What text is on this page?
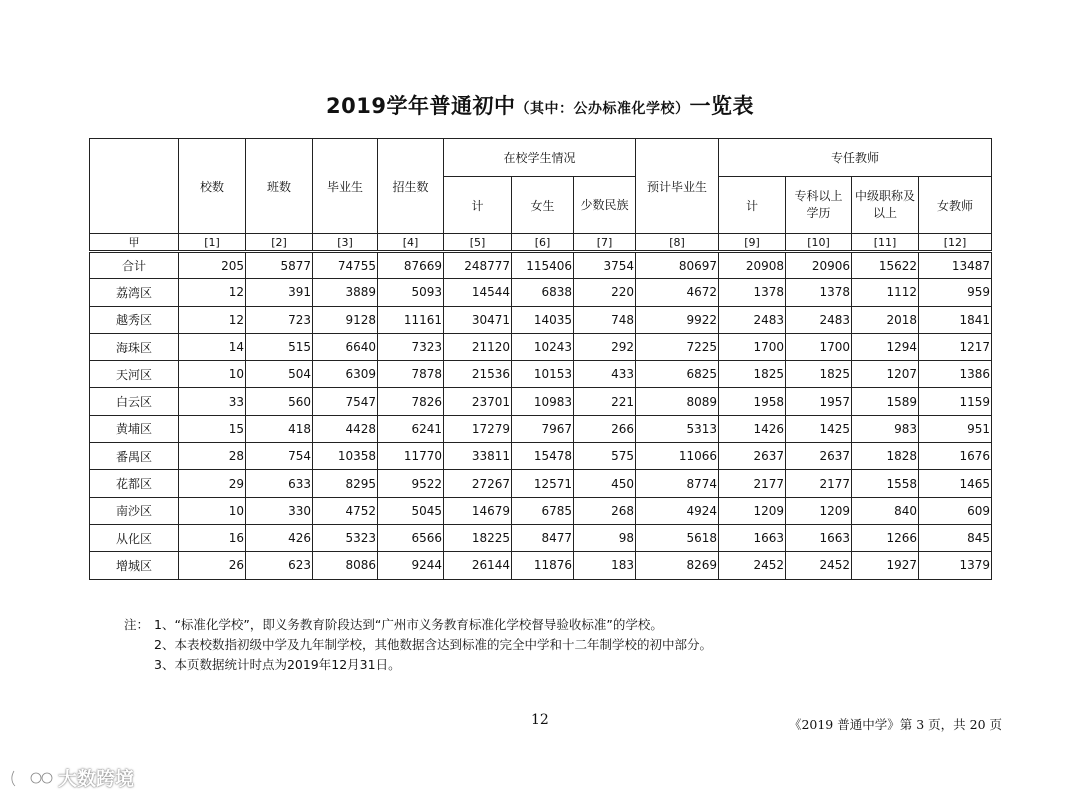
2019学年普通初中（其中：公办标准化学校）一览表
	校数	班数	毕业生	招生数	在校学生情况			预计毕业生	专任教师			
					计	女生	少数民族		计	专科以上学历	中级职称及以上	女教师
甲	[1]	[2]	[3]	[4]	[5]	[6]	[7]	[8]	[9]	[10]	[11]	[12]
合计	205	5877	74755	87669	248777	115406	3754	80697	20908	20906	15622	13487
荔湾区	12	391	3889	5093	14544	6838	220	4672	1378	1378	1112	959
越秀区	12	723	9128	11161	30471	14035	748	9922	2483	2483	2018	1841
海珠区	14	515	6640	7323	21120	10243	292	7225	1700	1700	1294	1217
天河区	10	504	6309	7878	21536	10153	433	6825	1825	1825	1207	1386
白云区	33	560	7547	7826	23701	10983	221	8089	1958	1957	1589	1159
黄埔区	15	418	4428	6241	17279	7967	266	5313	1426	1425	983	951
番禺区	28	754	10358	11770	33811	15478	575	11066	2637	2637	1828	1676
花都区	29	633	8295	9522	27267	12571	450	8774	2177	2177	1558	1465
南沙区	10	330	4752	5045	14679	6785	268	4924	1209	1209	840	609
从化区	16	426	5323	6566	18225	8477	98	5618	1663	1663	1266	845
增城区	26	623	8086	9244	26144	11876	183	8269	2452	2452	1927	1379
注： 1、“标准化学校”，即义务教育阶段达到“广州市义务教育标准化学校督导验收标准”的学校。
2、本表校数指初级中学及九年制学校，其他数据含达到标准的完全中学和十二年制学校的初中部分。
3、本页数据统计时点为2019年12月31日。
12	《2019 普通中学》第 3 页，共 20 页
大数跨境
